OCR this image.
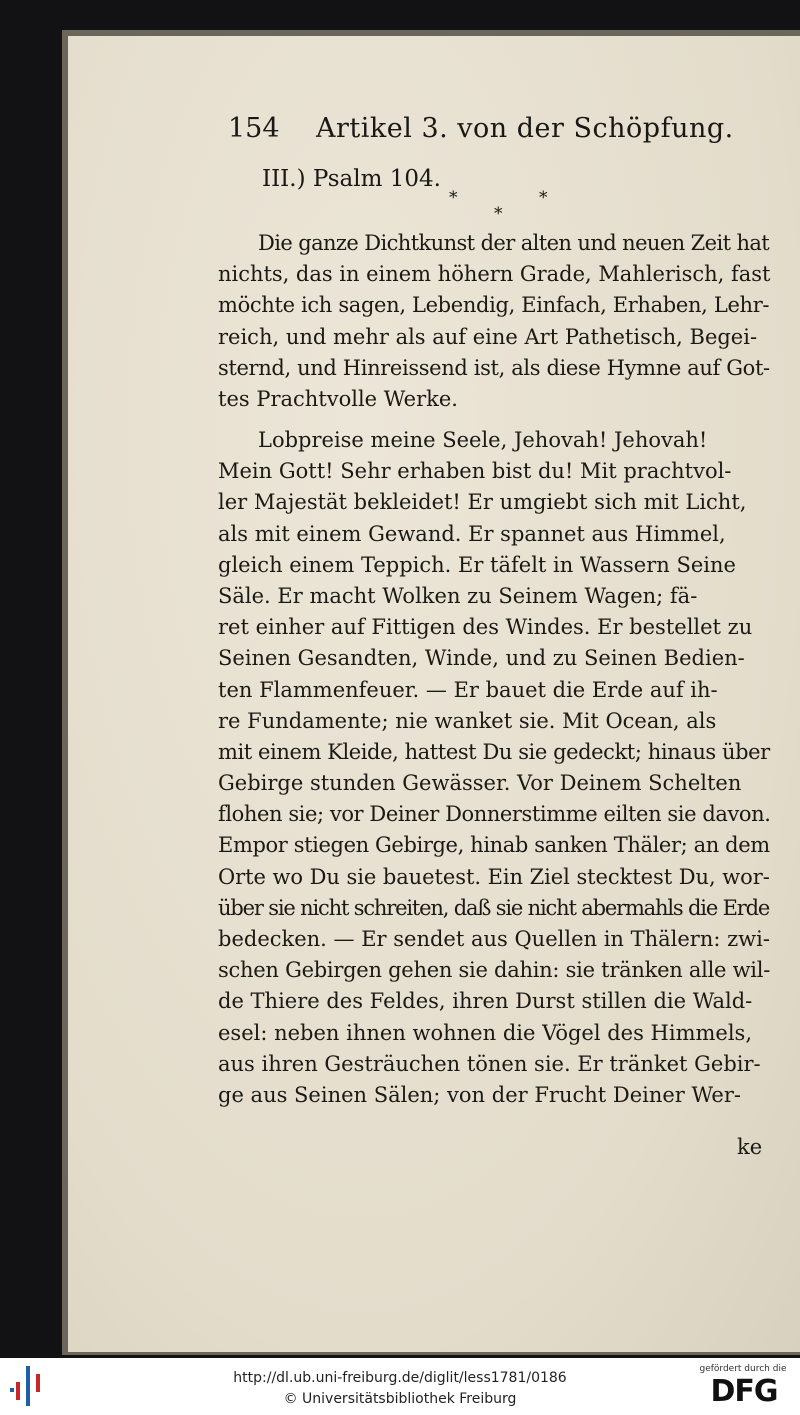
154 Artikel 3. von der Schöpfung.
III.) Psalm 104.
*	*
*
Die ganze Dichtkunst der alten und neuen Zeit hat
nichts, das in einem höhern Grade, Mahlerisch, fast
möchte ich sagen, Lebendig, Einfach, Erhaben, Lehr-
reich, und mehr als auf eine Art Pathetisch, Begei-
sternd, und Hinreissend ist, als diese Hymne auf Got-
tes Prachtvolle Werke.
Lobpreise meine Seele, Jehovah! Jehovah!
Mein Gott! Sehr erhaben bist du! Mit prachtvol-
ler Majestät bekleidet! Er umgiebt sich mit Licht,
als mit einem Gewand. Er spannet aus Himmel,
gleich einem Teppich. Er täfelt in Wassern Seine
Säle. Er macht Wolken zu Seinem Wagen; fä-
ret einher auf Fittigen des Windes. Er bestellet zu
Seinen Gesandten, Winde, und zu Seinen Bedien-
ten Flammenfeuer. — Er bauet die Erde auf ih-
re Fundamente; nie wanket sie. Mit Ocean, als
mit einem Kleide, hattest Du sie gedeckt; hinaus über
Gebirge stunden Gewässer. Vor Deinem Schelten
flohen sie; vor Deiner Donnerstimme eilten sie davon.
Empor stiegen Gebirge, hinab sanken Thäler; an dem
Orte wo Du sie bauetest. Ein Ziel stecktest Du, wor-
über sie nicht schreiten, daß sie nicht abermahls die Erde
bedecken. — Er sendet aus Quellen in Thälern: zwi-
schen Gebirgen gehen sie dahin: sie tränken alle wil-
de Thiere des Feldes, ihren Durst stillen die Wald-
esel: neben ihnen wohnen die Vögel des Himmels,
aus ihren Gesträuchen tönen sie. Er tränket Gebir-
ge aus Seinen Sälen; von der Frucht Deiner Wer-
ke
http://dl.ub.uni-freiburg.de/diglit/less1781/0186
© Universitätsbibliothek Freiburg
gefördert durch die
DFG
